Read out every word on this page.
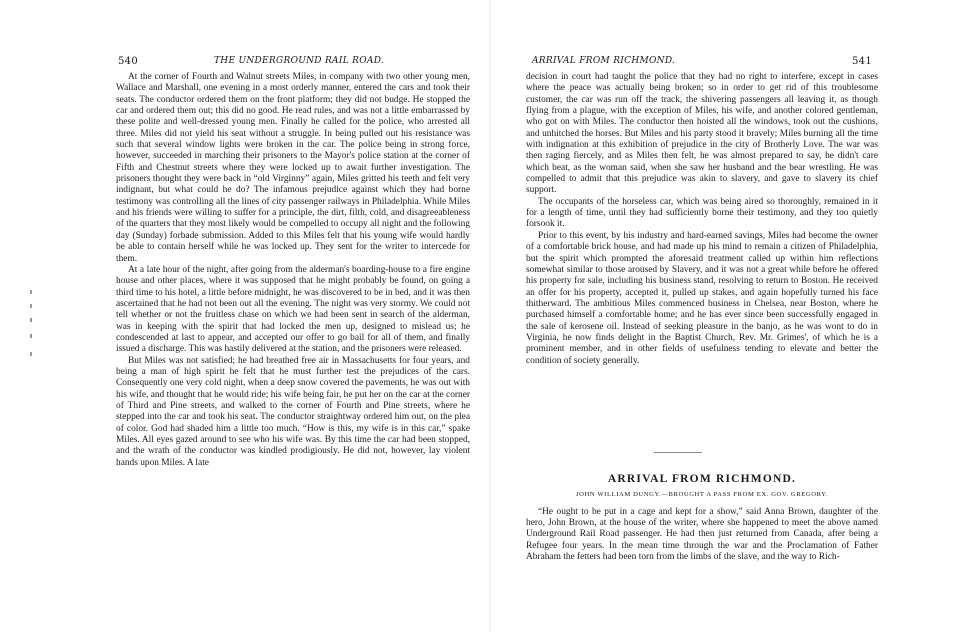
540	THE UNDERGROUND RAIL ROAD.

At the corner of Fourth and Walnut streets Miles, in company with two other young men, Wallace and Marshall, one evening in a most orderly manner, entered the cars and took their seats. The conductor ordered them on the front platform; they did not budge. He stopped the car and ordered them out; this did no good. He read rules, and was not a little embarrassed by these polite and well-dressed young men. Finally he called for the police, who arrested all three. Miles did not yield his seat without a struggle. In being pulled out his resistance was such that several window lights were broken in the car. The police being in strong force, however, succeeded in marching their prisoners to the Mayor's police station at the corner of Fifth and Chestnut streets where they were locked up to await further investigation. The prisoners thought they were back in “old Virginny” again, Miles gritted his teeth and felt very indignant, but what could he do? The infamous prejudice against which they had borne testimony was controlling all the lines of city passenger railways in Philadelphia. While Miles and his friends were willing to suffer for a principle, the dirt, filth, cold, and disagreeableness of the quarters that they most likely would be compelled to occupy all night and the following day (Sunday) forbade submission. Added to this Miles felt that his young wife would hardly be able to contain herself while he was locked up. They sent for the writer to intercede for them.

At a late hour of the night, after going from the alderman's boarding-house to a fire engine house and other places, where it was supposed that he might probably be found, on going a third time to his hotel, a little before midnight, he was discovered to be in bed, and it was then ascertained that he had not been out all the evening. The night was very stormy. We could not tell whether or not the fruitless chase on which we had been sent in search of the alderman, was in keeping with the spirit that had locked the men up, designed to mislead us; he condescended at last to appear, and accepted our offer to go bail for all of them, and finally issued a discharge. This was hastily delivered at the station, and the prisoners were released.

But Miles was not satisfied; he had breathed free air in Massachusetts for four years, and being a man of high spirit he felt that he must further test the prejudices of the cars. Consequently one very cold night, when a deep snow covered the pavements, he was out with his wife, and thought that he would ride; his wife being fair, he put her on the car at the corner of Third and Pine streets, and walked to the corner of Fourth and Pine streets, where he stepped into the car and took his seat. The conductor straightway ordered him out, on the plea of color. God had shaded him a little too much. “How is this, my wife is in this car,” spake Miles. All eyes gazed around to see who his wife was. By this time the car had been stopped, and the wrath of the conductor was kindled prodigiously. He did not, however, lay violent hands upon Miles. A late

ARRIVAL FROM RICHMOND.	541

decision in court had taught the police that they had no right to interfere, except in cases where the peace was actually being broken; so in order to get rid of this troublesome customer, the car was run off the track, the shivering passengers all leaving it, as though flying from a plague, with the exception of Miles, his wife, and another colored gentleman, who got on with Miles. The conductor then hoisted all the windows, took out the cushions, and unhitched the horses. But Miles and his party stood it bravely; Miles burning all the time with indignation at this exhibition of prejudice in the city of Brotherly Love. The war was then raging fiercely, and as Miles then felt, he was almost prepared to say, he didn't care which beat, as the woman said, when she saw her husband and the bear wrestling. He was compelled to admit that this prejudice was akin to slavery, and gave to slavery its chief support.

The occupants of the horseless car, which was being aired so thoroughly, remained in it for a length of time, until they had sufficiently borne their testimony, and they too quietly forsook it.

Prior to this event, by his industry and hard-earned savings, Miles had become the owner of a comfortable brick house, and had made up his mind to remain a citizen of Philadelphia, but the spirit which prompted the aforesaid treatment called up within him reflections somewhat similar to those aroused by Slavery, and it was not a great while before he offered his property for sale, including his business stand, resolving to return to Boston. He received an offer for his property, accepted it, pulled up stakes, and again hopefully turned his face thitherward. The ambitious Miles commenced business in Chelsea, near Boston, where he purchased himself a comfortable home; and he has ever since been successfully engaged in the sale of kerosene oil. Instead of seeking pleasure in the banjo, as he was wont to do in Virginia, he now finds delight in the Baptist Church, Rev. Mr. Grimes', of which he is a prominent member, and in other fields of usefulness tending to elevate and better the condition of society generally.

ARRIVAL FROM RICHMOND.
JOHN WILLIAM DUNGY.—BROUGHT A PASS FROM EX. GOV. GREGORY.

“He ought to be put in a cage and kept for a show,” said Anna Brown, daughter of the hero, John Brown, at the house of the writer, where she happened to meet the above named Underground Rail Road passenger. He had then just returned from Canada, after being a Refugee four years. In the mean time through the war and the Proclamation of Father Abraham the fetters had been torn from the limbs of the slave, and the way to Rich-
